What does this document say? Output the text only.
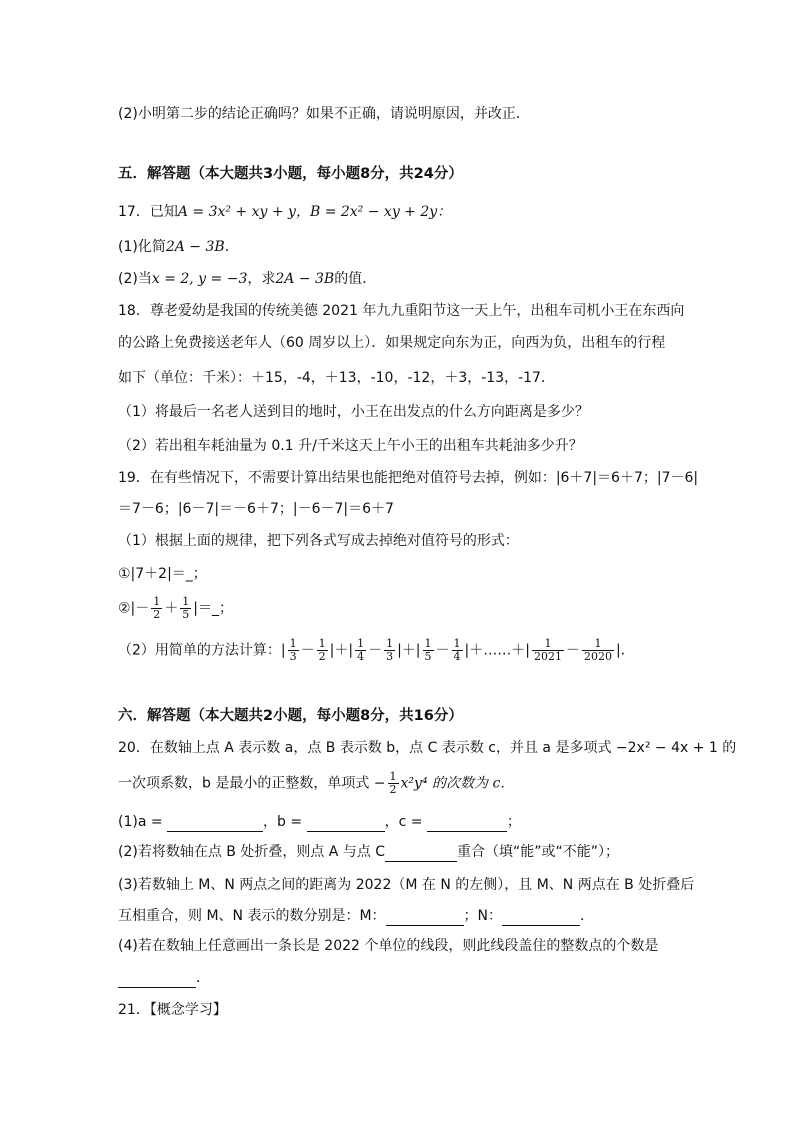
(2)小明第二步的结论正确吗？如果不正确，请说明原因，并改正．
五．解答题（本大题共3小题，每小题8分，共24分）
17．已知A = 3x² + xy + y，B = 2x² − xy + 2y：
(1)化简2A − 3B．
(2)当x = 2, y = −3，求2A − 3B的值．
18．尊老爱幼是我国的传统美德 2021 年九九重阳节这一天上午，出租车司机小王在东西向
的公路上免费接送老年人（60 周岁以上）．如果规定向东为正，向西为负，出租车的行程
如下（单位：千米）：＋15，-4，＋13，-10，-12，＋3，-13，-17．
（1）将最后一名老人送到目的地时，小王在出发点的什么方向距离是多少？
（2）若出租车耗油量为 0.1 升/千米这天上午小王的出租车共耗油多少升？
19．在有些情况下，不需要计算出结果也能把绝对值符号去掉，例如：|6＋7|＝6＋7；|7－6|
＝7－6；|6－7|＝－6＋7；|－6－7|＝6＋7
（1）根据上面的规律，把下列各式写成去掉绝对值符号的形式：
①|7＋2|＝_；
②|－ $\frac{1}{2} + \frac{1}{5}$ |＝_；
（2）用简单的方法计算：| $\frac{1}{3} - \frac{1}{2}$ |＋| $\frac{1}{4} - \frac{1}{3}$ |＋| $\frac{1}{5} - \frac{1}{4}$ |＋……＋| $\frac{1}{2021} - \frac{1}{2020}$ |．
六．解答题（本大题共2小题，每小题8分，共16分）
20．在数轴上点 A 表示数 a，点 B 表示数 b，点 C 表示数 c，并且 a 是多项式 −2x² − 4x + 1 的
一次项系数，b 是最小的正整数，单项式 − $\frac{1}{2} x^2y^4$ 的次数为 c．
(1)a =	，b =	，c =	；
(2)若将数轴在点 B 处折叠，则点 A 与点 C	重合（填“能”或“不能”）；
(3)若数轴上 M、N 两点之间的距离为 2022（M 在 N 的左侧），且 M、N 两点在 B 处折叠后
互相重合，则 M、N 表示的数分别是：M：	；N：	．
(4)若在数轴上任意画出一条长是 2022 个单位的线段，则此线段盖住的整数点的个数是
．
21．【概念学习】
